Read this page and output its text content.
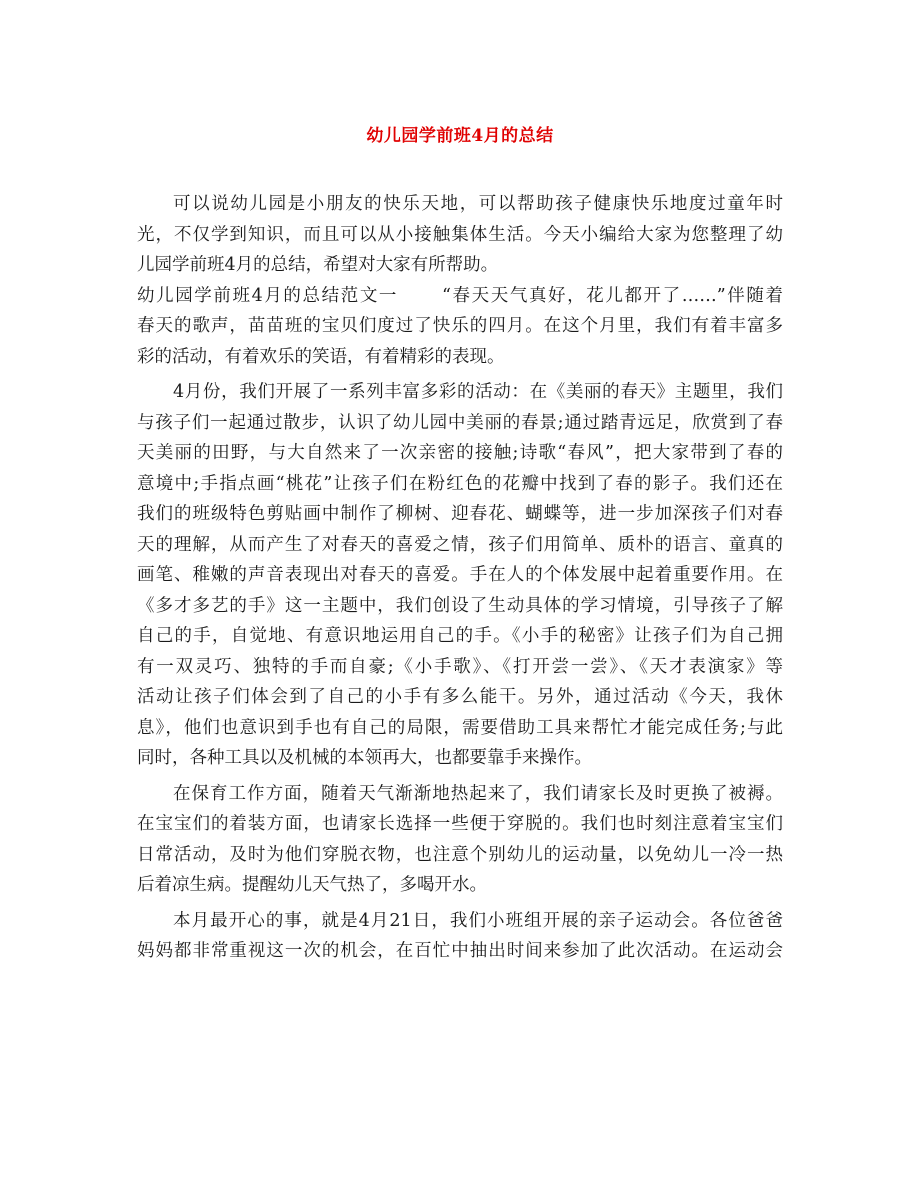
幼儿园学前班4月的总结
可以说幼儿园是小朋友的快乐天地，可以帮助孩子健康快乐地度过童年时
光，不仅学到知识，而且可以从小接触集体生活。今天小编给大家为您整理了幼
儿园学前班4月的总结，希望对大家有所帮助。
幼儿园学前班4月的总结范文一	“春天天气真好，花儿都开了……”伴随着
春天的歌声，苗苗班的宝贝们度过了快乐的四月。在这个月里，我们有着丰富多
彩的活动，有着欢乐的笑语，有着精彩的表现。
4月份，我们开展了一系列丰富多彩的活动：在《美丽的春天》主题里，我们
与孩子们一起通过散步，认识了幼儿园中美丽的春景;通过踏青远足，欣赏到了春
天美丽的田野，与大自然来了一次亲密的接触;诗歌“春风”，把大家带到了春的
意境中;手指点画“桃花”让孩子们在粉红色的花瓣中找到了春的影子。我们还在
我们的班级特色剪贴画中制作了柳树、迎春花、蝴蝶等，进一步加深孩子们对春
天的理解，从而产生了对春天的喜爱之情，孩子们用简单、质朴的语言、童真的
画笔、稚嫩的声音表现出对春天的喜爱。手在人的个体发展中起着重要作用。在
《多才多艺的手》这一主题中，我们创设了生动具体的学习情境，引导孩子了解
自己的手，自觉地、有意识地运用自己的手。《小手的秘密》让孩子们为自己拥
有一双灵巧、独特的手而自豪;《小手歌》、《打开尝一尝》、《天才表演家》等
活动让孩子们体会到了自己的小手有多么能干。另外，通过活动《今天，我休
息》，他们也意识到手也有自己的局限，需要借助工具来帮忙才能完成任务;与此
同时，各种工具以及机械的本领再大，也都要靠手来操作。
在保育工作方面，随着天气渐渐地热起来了，我们请家长及时更换了被褥。
在宝宝们的着装方面，也请家长选择一些便于穿脱的。我们也时刻注意着宝宝们
日常活动，及时为他们穿脱衣物，也注意个别幼儿的运动量，以免幼儿一冷一热
后着凉生病。提醒幼儿天气热了，多喝开水。
本月最开心的事，就是4月21日，我们小班组开展的亲子运动会。各位爸爸
妈妈都非常重视这一次的机会，在百忙中抽出时间来参加了此次活动。在运动会
